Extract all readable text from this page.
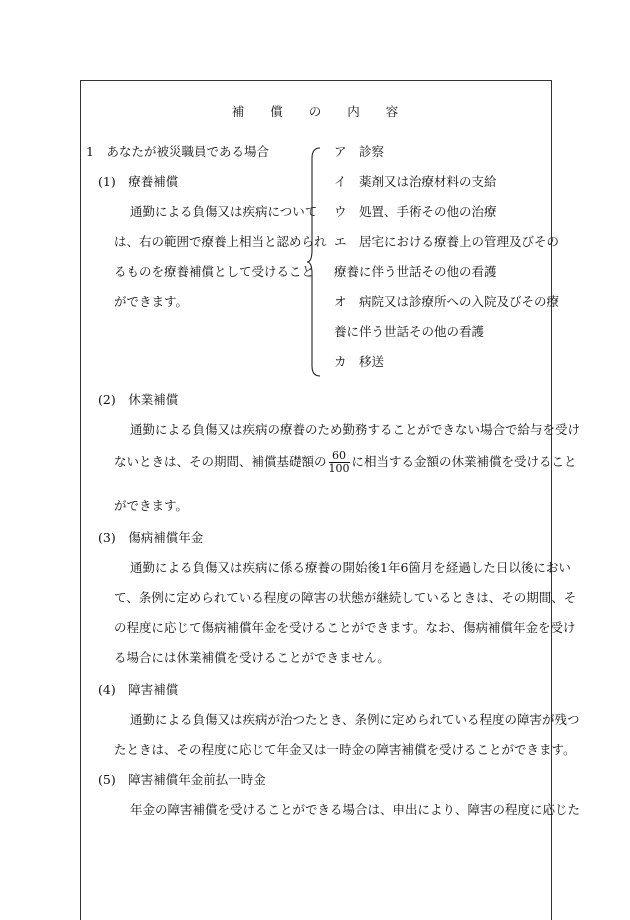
補 償 の 内 容
1　あなたが被災職員である場合
(1)　療養補償
通勤による負傷又は疾病について
は、右の範囲で療養上相当と認められ
るものを療養補償として受けること
ができます。
ア　診察
イ　薬剤又は治療材料の支給
ウ　処置、手術その他の治療
エ　居宅における療養上の管理及びその
療養に伴う世話その他の看護
オ　病院又は診療所への入院及びその療
養に伴う世話その他の看護
カ　移送
(2)　休業補償
通勤による負傷又は疾病の療養のため勤務することができない場合で給与を受け
ないときは、その期間、補償基礎額の $\frac{60}{100}$ に相当する金額の休業補償を受けること
ができます。
(3)　傷病補償年金
通勤による負傷又は疾病に係る療養の開始後1年6箇月を経過した日以後におい
て、条例に定められている程度の障害の状態が継続しているときは、その期間、そ
の程度に応じて傷病補償年金を受けることができます。なお、傷病補償年金を受け
る場合には休業補償を受けることができません。
(4)　障害補償
通勤による負傷又は疾病が治つたとき、条例に定められている程度の障害が残つ
たときは、その程度に応じて年金又は一時金の障害補償を受けることができます。
(5)　障害補償年金前払一時金
年金の障害補償を受けることができる場合は、申出により、障害の程度に応じた
